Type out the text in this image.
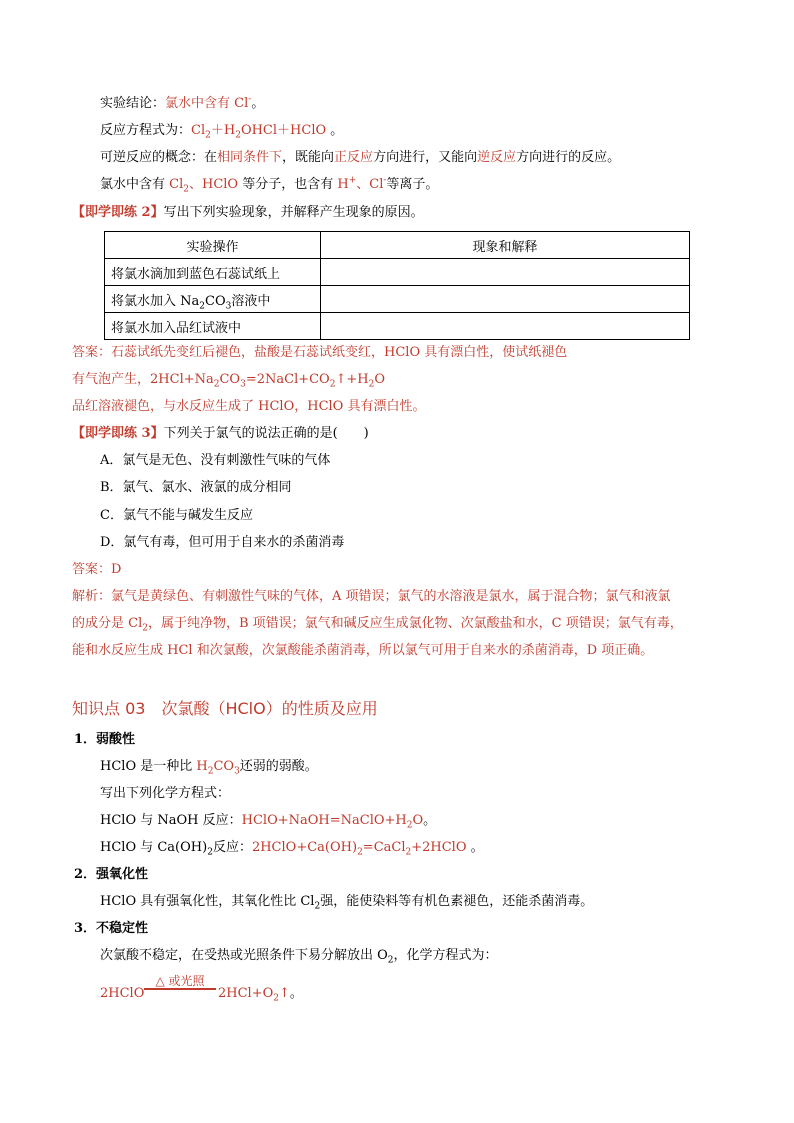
实验结论：氯水中含有 Cl-。
反应方程式为：$Cl_2+H_2OHCl+HClO$ 。
可逆反应的概念：在相同条件下，既能向正反应方向进行，又能向逆反应方向进行的反应。
氯水中含有 $Cl_2$、HClO 等分子，也含有 H+、Cl-等离子。
【即学即练 2】写出下列实验现象，并解释产生现象的原因。
实验操作	现象和解释
将氯水滴加到蓝色石蕊试纸上	
将氯水加入 $Na_2CO_3$溶液中	
将氯水加入品红试液中	
答案：石蕊试纸先变红后褪色，盐酸是石蕊试纸变红，HClO 具有漂白性，使试纸褪色
有气泡产生，$2HCl+Na_2CO_3=2NaCl+CO_2↑+H_2O$
品红溶液褪色，与水反应生成了 HClO，HClO 具有漂白性。
【即学即练 3】下列关于氯气的说法正确的是(　　)
A．氯气是无色、没有刺激性气味的气体
B．氯气、氯水、液氯的成分相同
C．氯气不能与碱发生反应
D．氯气有毒，但可用于自来水的杀菌消毒
答案：D
解析：氯气是黄绿色、有刺激性气味的气体，A 项错误；氯气的水溶液是氯水，属于混合物；氯气和液氯
的成分是 $Cl_2$，属于纯净物，B 项错误；氯气和碱反应生成氯化物、次氯酸盐和水，C 项错误；氯气有毒，
能和水反应生成 HCl 和次氯酸，次氯酸能杀菌消毒，所以氯气可用于自来水的杀菌消毒，D 项正确。
知识点 03　次氯酸（HClO）的性质及应用
1．弱酸性
HClO 是一种比 $H_2CO_3$还弱的弱酸。
写出下列化学方程式：
HClO 与 NaOH 反应：$HClO+NaOH=NaClO+H_2O$。
HClO 与 $Ca(OH)_2$反应：$2HClO+Ca(OH)_2=CaCl_2+2HClO$ 。
2．强氧化性
HClO 具有强氧化性，其氧化性比 $Cl_2$强，能使染料等有机色素褪色，还能杀菌消毒。
3．不稳定性
次氯酸不稳定，在受热或光照条件下易分解放出 $O_2$，化学方程式为：
2HClO
△ 或光照
$2HCl+O_2↑$。
